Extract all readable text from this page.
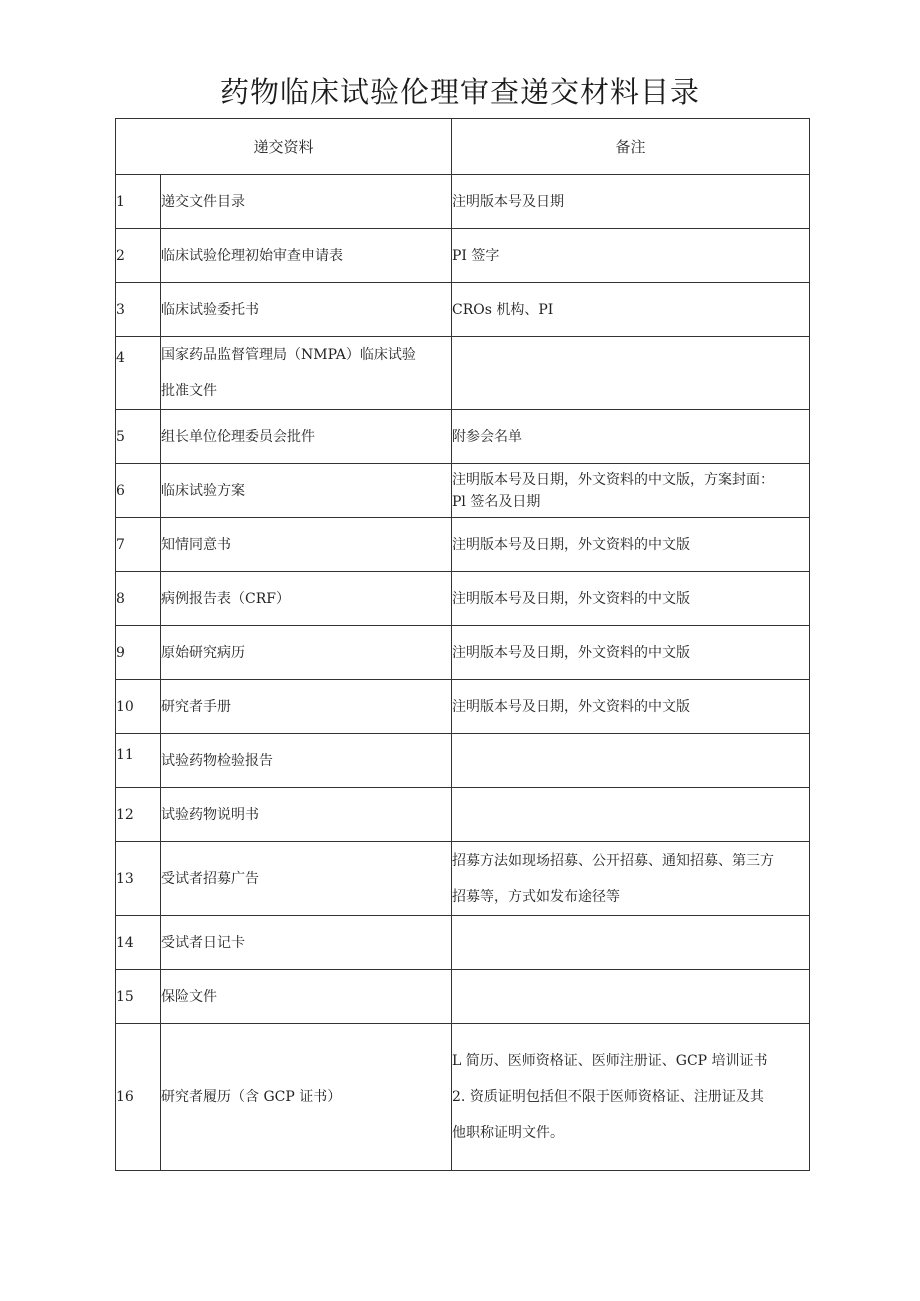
药物临床试验伦理审查递交材料目录
递交资料		备注
1	递交文件目录	注明版本号及日期
2	临床试验伦理初始审查申请表	PI 签字
3	临床试验委托书	CROs 机构、PI
4	国家药品监督管理局（NMPA）临床试验
批准文件	

5	组长单位伦理委员会批件	附参会名单
6	临床试验方案	注明版本号及日期，外文资料的中文版，方案封面：
Pl 签名及日期

7	知情同意书	注明版本号及日期，外文资料的中文版
8	病例报告表（CRF）	注明版本号及日期，外文资料的中文版
9	原始研究病历	注明版本号及日期，外文资料的中文版
10	研究者手册	注明版本号及日期，外文资料的中文版
11	试验药物检验报告	
12	试验药物说明书	
13	受试者招募广告	招募方法如现场招募、公开招募、通知招募、第三方
招募等，方式如发布途径等

14	受试者日记卡	
15	保险文件	
16	研究者履历（含 GCP 证书）	L 简历、医师资格证、医师注册证、GCP 培训证书
2. 资质证明包括但不限于医师资格证、注册证及其
他职称证明文件。
